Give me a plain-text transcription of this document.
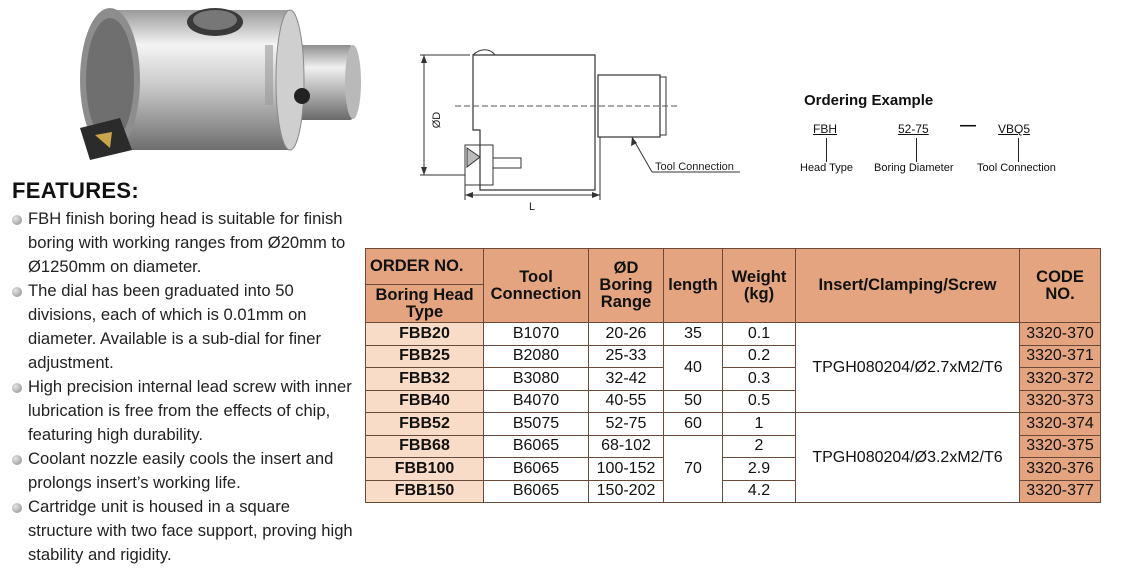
ØD
L
Tool Connection
Ordering Example
FBH	52-75 — VBQ5
Head Type Boring Diameter Tool Connection
FEATURES:
FBH finish boring head is suitable for finish boring with working ranges from Ø20mm to Ø1250mm on diameter.
The dial has been graduated into 50 divisions, each of which is 0.01mm on diameter. Available is a sub-dial for finer adjustment.
High precision internal lead screw with inner lubrication is free from the effects of chip, featuring high durability.
Coolant nozzle easily cools the insert and prolongs insert’s working life.
Cartridge unit is housed in a square structure with two face support, proving high stability and rigidity.
ORDER NO.	Tool Connection	ØD Boring Range	length	Weight (kg)	Insert/Clamping/Screw	CODE NO.
Boring Head Type						
FBB20	B1070	20-26	35	0.1	TPGH080204/Ø2.7xM2/T6	3320-370
FBB25	B2080	25-33	40	0.2		3320-371
FBB32	B3080	32-42		0.3		3320-372
FBB40	B4070	40-55	50	0.5		3320-373
FBB52	B5075	52-75	60	1	TPGH080204/Ø3.2xM2/T6	3320-374
FBB68	B6065	68-102	70	2		3320-375
FBB100	B6065	100-152		2.9		3320-376
FBB150	B6065	150-202		4.2		3320-377
